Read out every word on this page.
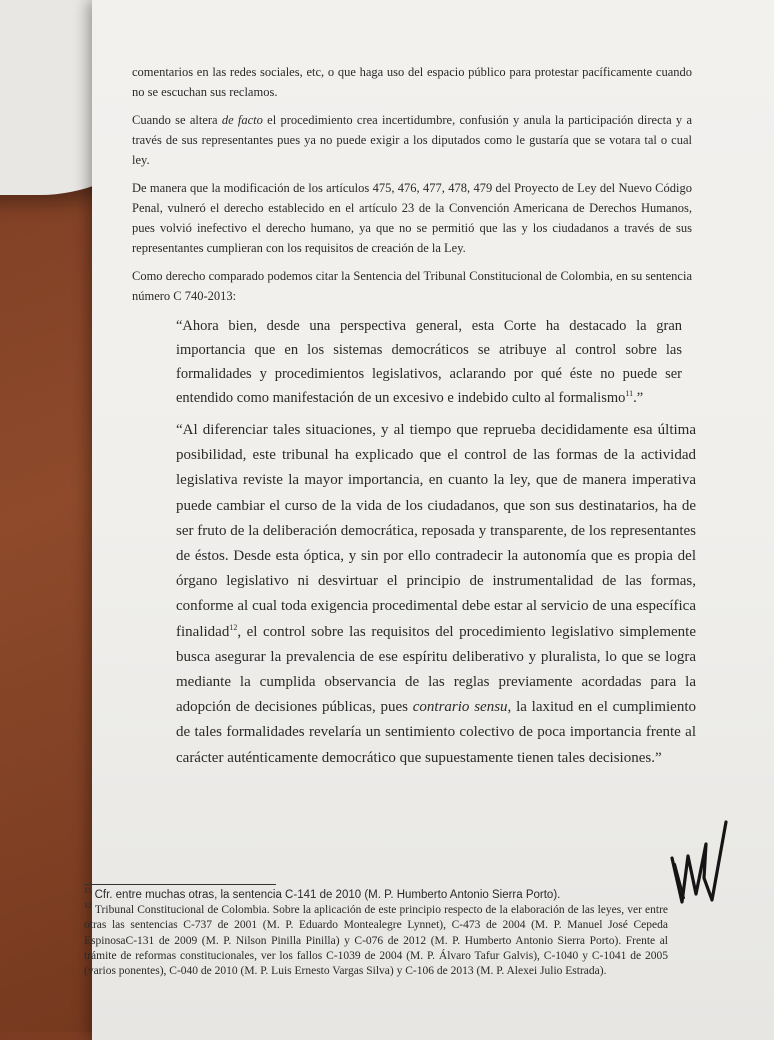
comentarios en las redes sociales, etc, o que haga uso del espacio público para protestar pacíficamente cuando no se escuchan sus reclamos.

Cuando se altera de facto el procedimiento crea incertidumbre, confusión y anula la participación directa y a través de sus representantes pues ya no puede exigir a los diputados como le gustaría que se votara tal o cual ley.

De manera que la modificación de los artículos 475, 476, 477, 478, 479 del Proyecto de Ley del Nuevo Código Penal, vulneró el derecho establecido en el artículo 23 de la Convención Americana de Derechos Humanos, pues volvió inefectivo el derecho humano, ya que no se permitió que las y los ciudadanos a través de sus representantes cumplieran con los requisitos de creación de la Ley.

Como derecho comparado podemos citar la Sentencia del Tribunal Constitucional de Colombia, en su sentencia número C 740-2013:

“Ahora bien, desde una perspectiva general, esta Corte ha destacado la gran importancia que en los sistemas democráticos se atribuye al control sobre las formalidades y procedimientos legislativos, aclarando por qué éste no puede ser entendido como manifestación de un excesivo e indebido culto al formalismo$^{11}$.”

“Al diferenciar tales situaciones, y al tiempo que reprueba decididamente esa última posibilidad, este tribunal ha explicado que el control de las formas de la actividad legislativa reviste la mayor importancia, en cuanto la ley, que de manera imperativa puede cambiar el curso de la vida de los ciudadanos, que son sus destinatarios, ha de ser fruto de la deliberación democrática, reposada y transparente, de los representantes de éstos. Desde esta óptica, y sin por ello contradecir la autonomía que es propia del órgano legislativo ni desvirtuar el principio de instrumentalidad de las formas, conforme al cual toda exigencia procedimental debe estar al servicio de una específica finalidad$^{12}$, el control sobre las requisitos del procedimiento legislativo simplemente busca asegurar la prevalencia de ese espíritu deliberativo y pluralista, lo que se logra mediante la cumplida observancia de las reglas previamente acordadas para la adopción de decisiones públicas, pues contrario sensu, la laxitud en el cumplimiento de tales formalidades revelaría un sentimiento colectivo de poca importancia frente al carácter auténticamente democrático que supuestamente tienen tales decisiones.”

$^{11}$ Cfr. entre muchas otras, la sentencia C-141 de 2010 (M. P. Humberto Antonio Sierra Porto).

$^{12}$ Tribunal Constitucional de Colombia. Sobre la aplicación de este principio respecto de la elaboración de las leyes, ver entre otras las sentencias C-737 de 2001 (M. P. Eduardo Montealegre Lynnet), C-473 de 2004 (M. P. Manuel José Cepeda EspinosaC-131 de 2009 (M. P. Nilson Pinilla Pinilla) y C-076 de 2012 (M. P. Humberto Antonio Sierra Porto). Frente al trámite de reformas constitucionales, ver los fallos C-1039 de 2004 (M. P. Álvaro Tafur Galvis), C-1040 y C-1041 de 2005 (varios ponentes), C-040 de 2010 (M. P. Luis Ernesto Vargas Silva) y C-106 de 2013 (M. P. Alexei Julio Estrada).
